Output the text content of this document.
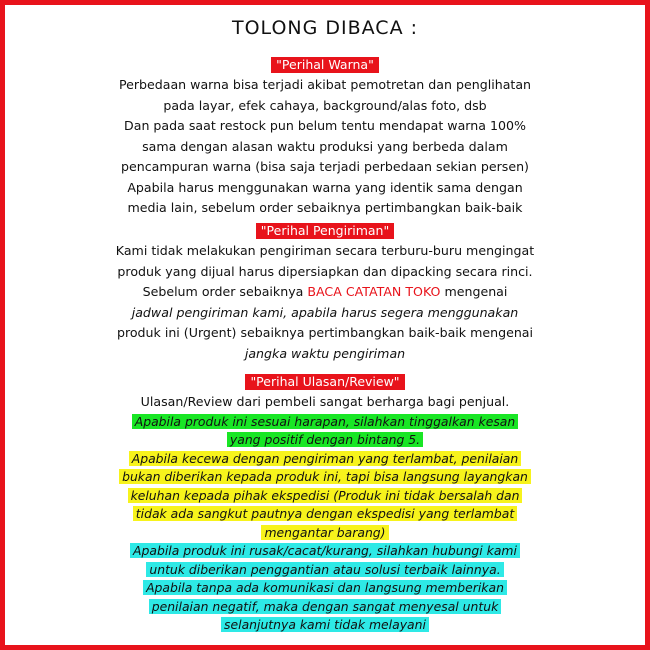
TOLONG DIBACA :
"Perihal Warna"
Perbedaan warna bisa terjadi akibat pemotretan dan penglihatan
pada layar, efek cahaya, background/alas foto, dsb
Dan pada saat restock pun belum tentu mendapat warna 100%
sama dengan alasan waktu produksi yang berbeda dalam
pencampuran warna (bisa saja terjadi perbedaan sekian persen)
Apabila harus menggunakan warna yang identik sama dengan
media lain, sebelum order sebaiknya pertimbangkan baik-baik
"Perihal Pengiriman"
Kami tidak melakukan pengiriman secara terburu-buru mengingat
produk yang dijual harus dipersiapkan dan dipacking secara rinci.
Sebelum order sebaiknya BACA CATATAN TOKO mengenai
jadwal pengiriman kami, apabila harus segera menggunakan
produk ini (Urgent) sebaiknya pertimbangkan baik-baik mengenai
jangka waktu pengiriman
"Perihal Ulasan/Review"
Ulasan/Review dari pembeli sangat berharga bagi penjual.
Apabila produk ini sesuai harapan, silahkan tinggalkan kesan
yang positif dengan bintang 5.
Apabila kecewa dengan pengiriman yang terlambat, penilaian
bukan diberikan kepada produk ini, tapi bisa langsung layangkan
keluhan kepada pihak ekspedisi (Produk ini tidak bersalah dan
tidak ada sangkut pautnya dengan ekspedisi yang terlambat
mengantar barang)
Apabila produk ini rusak/cacat/kurang, silahkan hubungi kami
untuk diberikan penggantian atau solusi terbaik lainnya.
Apabila tanpa ada komunikasi dan langsung memberikan
penilaian negatif, maka dengan sangat menyesal untuk
selanjutnya kami tidak melayani
